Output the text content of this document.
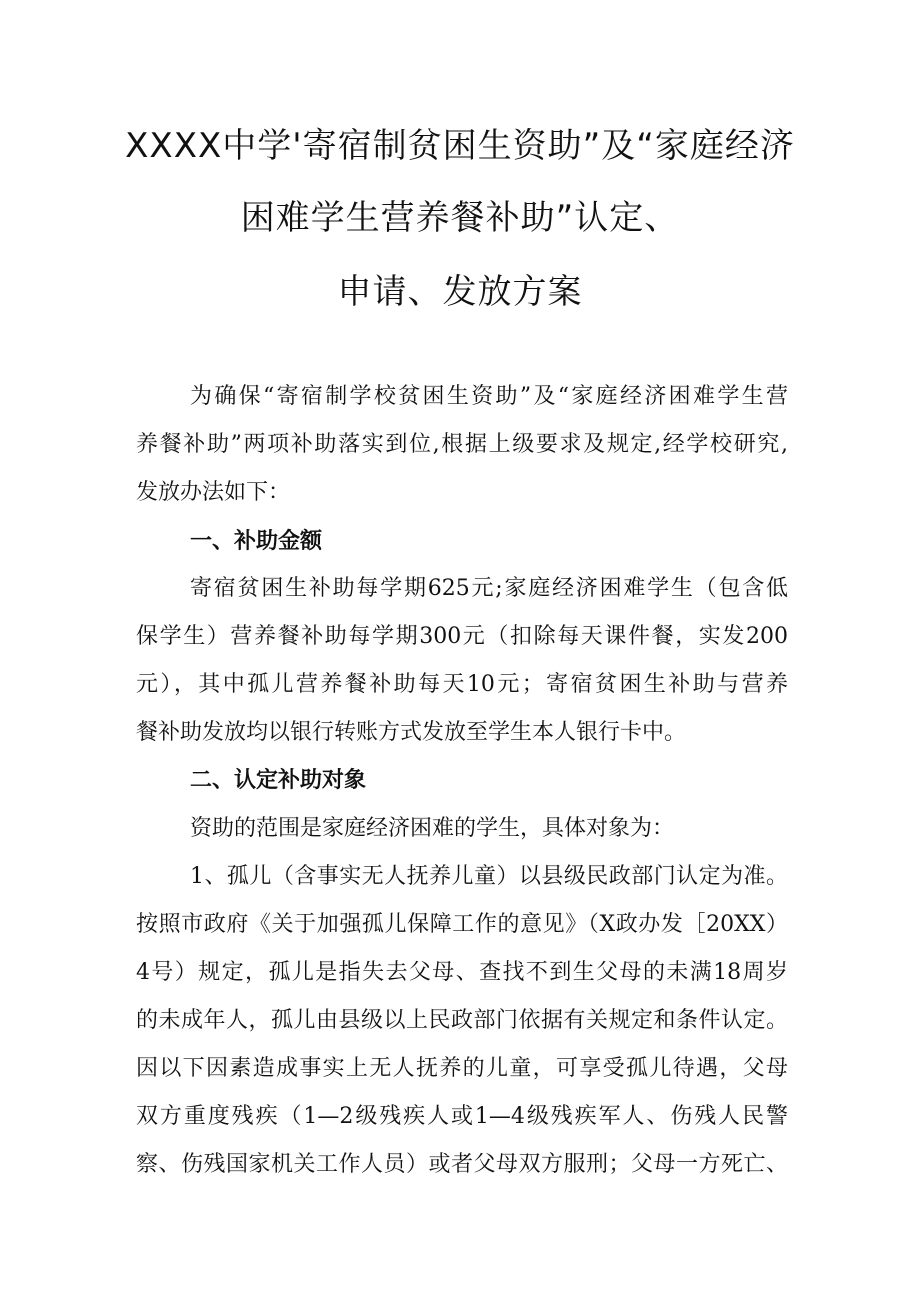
XXXX中学'寄宿制贫困生资助”及“家庭经济
困难学生营养餐补助”认定、
申请、发放方案
为确保“寄宿制学校贫困生资助”及“家庭经济困难学生营
养餐补助”两项补助落实到位,根据上级要求及规定,经学校研究,
发放办法如下：
一、补助金额
寄宿贫困生补助每学期625元;家庭经济困难学生（包含低
保学生）营养餐补助每学期300元（扣除每天课件餐，实发200
元），其中孤儿营养餐补助每天10元；寄宿贫困生补助与营养
餐补助发放均以银行转账方式发放至学生本人银行卡中。
二、认定补助对象
资助的范围是家庭经济困难的学生，具体对象为：
1、孤儿（含事实无人抚养儿童）以县级民政部门认定为准。
按照市政府《关于加强孤儿保障工作的意见》（X政办发［20XX）
4号）规定，孤儿是指失去父母、查找不到生父母的未满18周岁
的未成年人，孤儿由县级以上民政部门依据有关规定和条件认定。
因以下因素造成事实上无人抚养的儿童，可享受孤儿待遇，父母
双方重度残疾（1—2级残疾人或1—4级残疾军人、伤残人民警
察、伤残国家机关工作人员）或者父母双方服刑；父母一方死亡、
